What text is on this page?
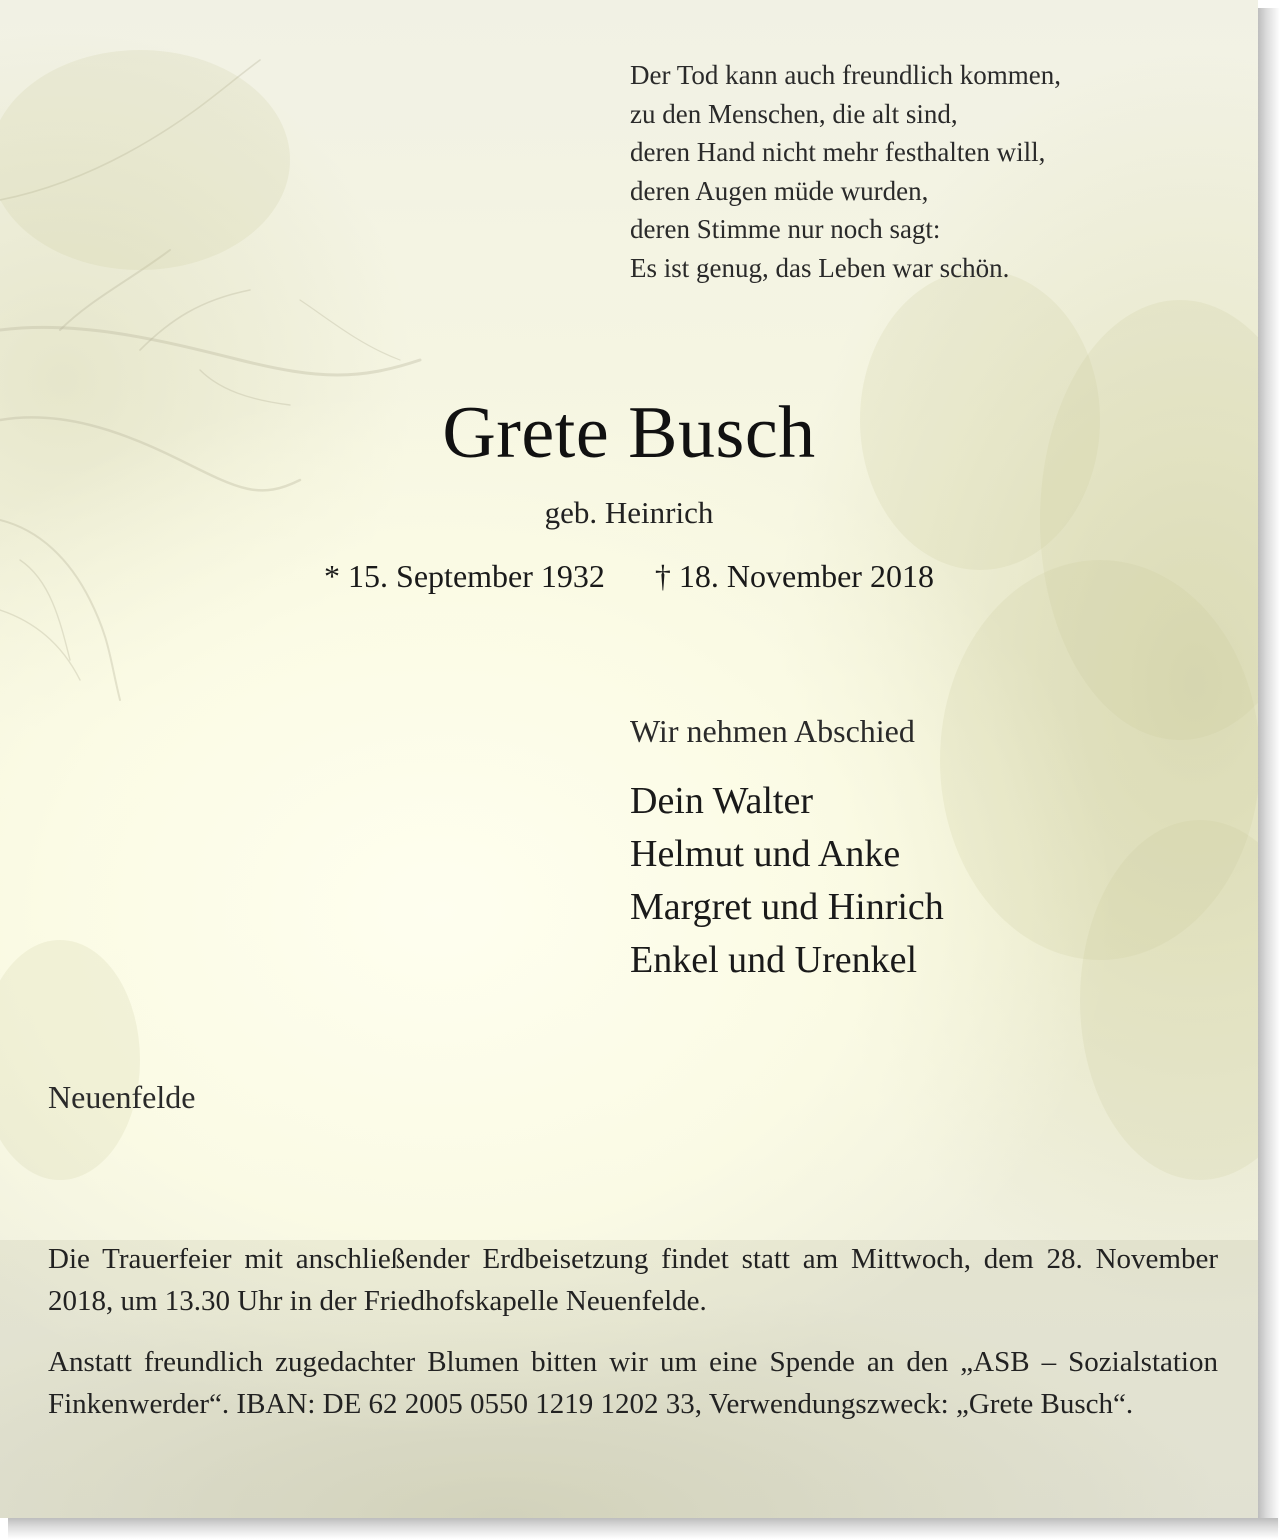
Der Tod kann auch freundlich kommen,
zu den Menschen, die alt sind,
deren Hand nicht mehr festhalten will,
deren Augen müde wurden,
deren Stimme nur noch sagt:
Es ist genug, das Leben war schön.
Grete Busch
geb. Heinrich
* 15. September 1932 † 18. November 2018
Wir nehmen Abschied
Dein Walter
Helmut und Anke
Margret und Hinrich
Enkel und Urenkel
Neuenfelde
Die Trauerfeier mit anschließender Erdbeisetzung findet statt am Mittwoch, dem 28. November 2018, um 13.30 Uhr in der Friedhofskapelle Neuenfelde.
Anstatt freundlich zugedachter Blumen bitten wir um eine Spende an den „ASB – Sozialstation Finkenwerder“. IBAN: DE 62 2005 0550 1219 1202 33, Verwendungszweck: „Grete Busch“.
